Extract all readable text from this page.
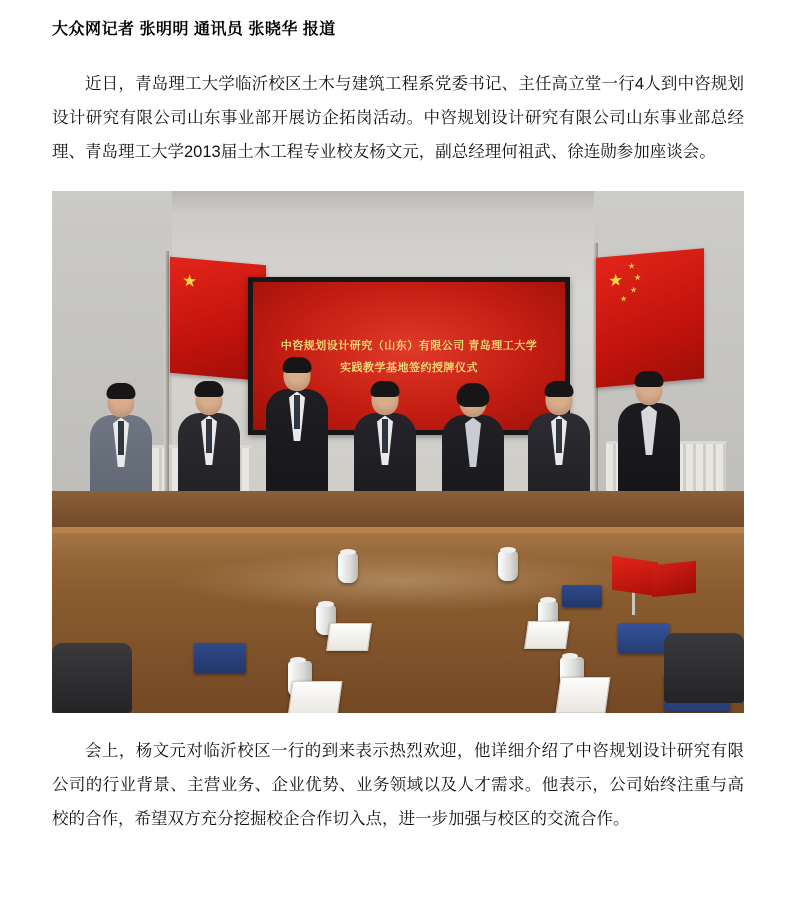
大众网记者 张明明 通讯员 张晓华 报道

近日，青岛理工大学临沂校区土木与建筑工程系党委书记、主任高立堂一行4人到中咨规划设计研究有限公司山东事业部开展访企拓岗活动。中咨规划设计研究有限公司山东事业部总经理、青岛理工大学2013届土木工程专业校友杨文元，副总经理何祖武、徐连勋参加座谈会。

★	★
★
★
★
★
中咨规划设计研究（山东）有限公司 青岛理工大学
实践教学基地签约授牌仪式

会上，杨文元对临沂校区一行的到来表示热烈欢迎，他详细介绍了中咨规划设计研究有限公司的行业背景、主营业务、企业优势、业务领域以及人才需求。他表示，公司始终注重与高校的合作，希望双方充分挖掘校企合作切入点，进一步加强与校区的交流合作。
